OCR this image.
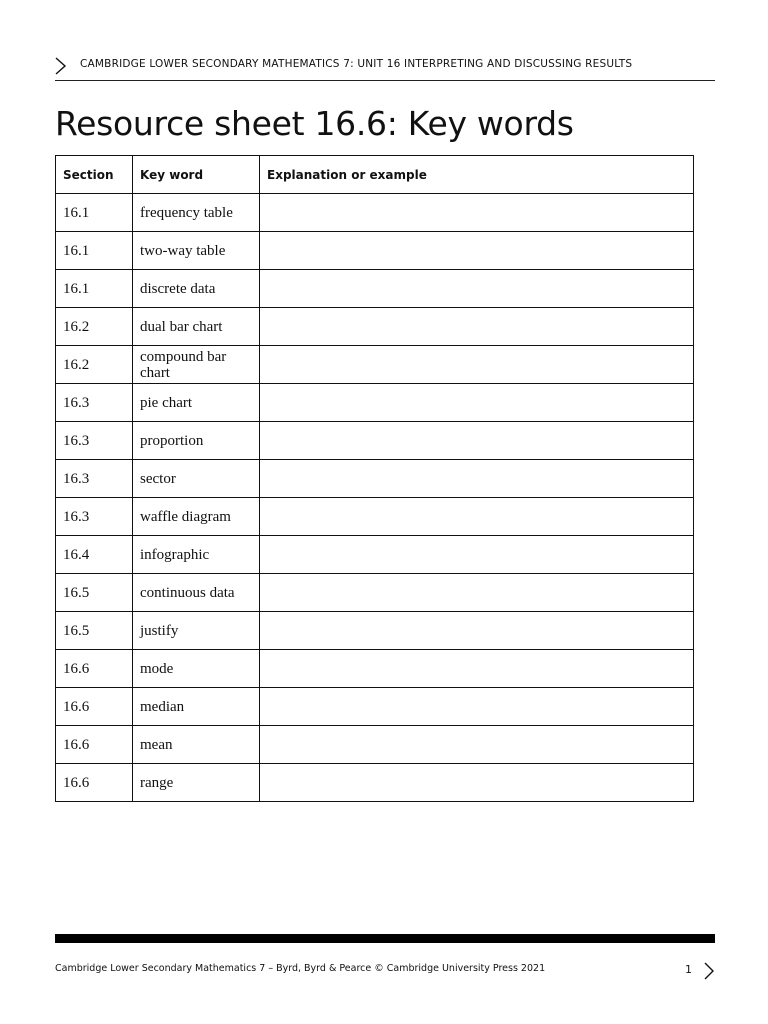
CAMBRIDGE LOWER SECONDARY MATHEMATICS 7: UNIT 16 INTERPRETING AND DISCUSSING RESULTS
Resource sheet 16.6: Key words
Section	Key word	Explanation or example
16.1	frequency table	
16.1	two-way table	
16.1	discrete data	
16.2	dual bar chart	
16.2	compound bar chart	
16.3	pie chart	
16.3	proportion	
16.3	sector	
16.3	waffle diagram	
16.4	infographic	
16.5	continuous data	
16.5	justify	
16.6	mode	
16.6	median	
16.6	mean	
16.6	range	
Cambridge Lower Secondary Mathematics 7 – Byrd, Byrd & Pearce © Cambridge University Press 2021	1
